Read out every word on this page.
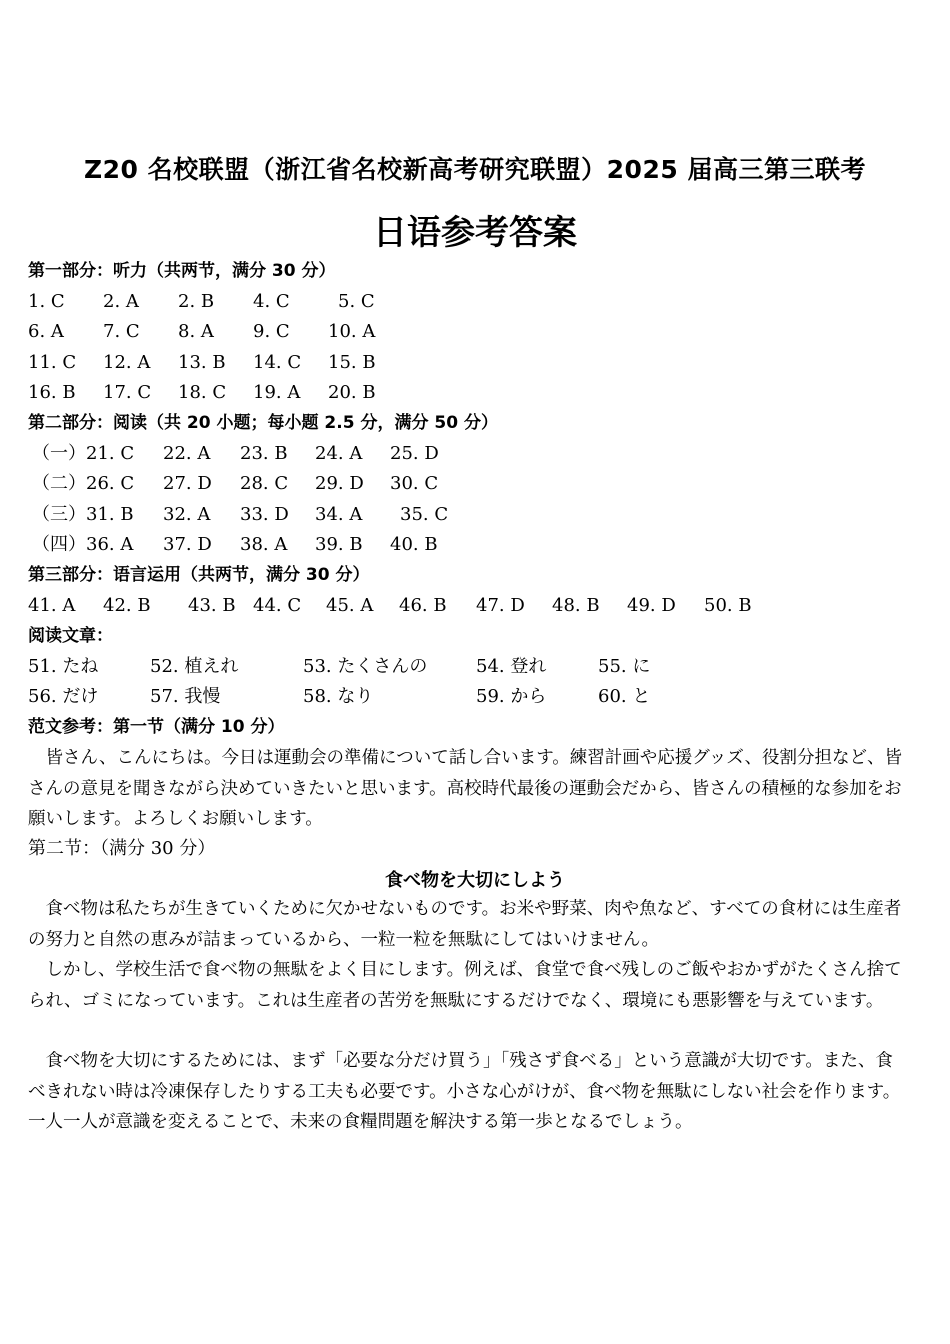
Z20 名校联盟（浙江省名校新高考研究联盟）2025 届高三第三联考
日语参考答案
第一部分：听力（共两节，满分 30 分）
1. C 2. A 2. B 4. C	5. C
6. A 7. C 8. A 9. C 10. A
11. C 12. A 13. B 14. C 15. B
16. B 17. C 18. C 19. A 20. B
第二部分：阅读（共 20 小题；每小题 2.5 分，满分 50 分）
（一）21. C 22. A 23. B 24. A 25. D
（二）26. C 27. D 28. C 29. D 30. C
（三）31. B 32. A 33. D 34. A 35. C
（四）36. A 37. D 38. A 39. B 40. B
第三部分：语言运用（共两节，满分 30 分）
41. A 42. B 43. B 44. C 45. A 46. B 47. D 48. B 49. D 50. B
阅读文章：
51. たね	52. 植えれ	53. たくさんの	54. 登れ	55. に
56. だけ	57. 我慢	58. なり	59. から	60. と
范文参考：第一节（满分 10 分）
皆さん、こんにちは。今日は運動会の準備について話し合います。練習計画や応援グッズ、役割分担など、皆さんの意見を聞きながら決めていきたいと思います。高校時代最後の運動会だから、皆さんの積極的な参加をお願いします。よろしくお願いします。
第二节：（满分 30 分）
食べ物を大切にしよう
食べ物は私たちが生きていくために欠かせないものです。お米や野菜、肉や魚など、すべての食材には生産者の努力と自然の恵みが詰まっているから、一粒一粒を無駄にしてはいけません。
しかし、学校生活で食べ物の無駄をよく目にします。例えば、食堂で食べ残しのご飯やおかずがたくさん捨てられ、ゴミになっています。これは生産者の苦労を無駄にするだけでなく、環境にも悪影響を与えています。
食べ物を大切にするためには、まず「必要な分だけ買う」「残さず食べる」という意識が大切です。また、食べきれない時は冷凍保存したりする工夫も必要です。小さな心がけが、食べ物を無駄にしない社会を作ります。一人一人が意識を変えることで、未来の食糧問題を解決する第一歩となるでしょう。
